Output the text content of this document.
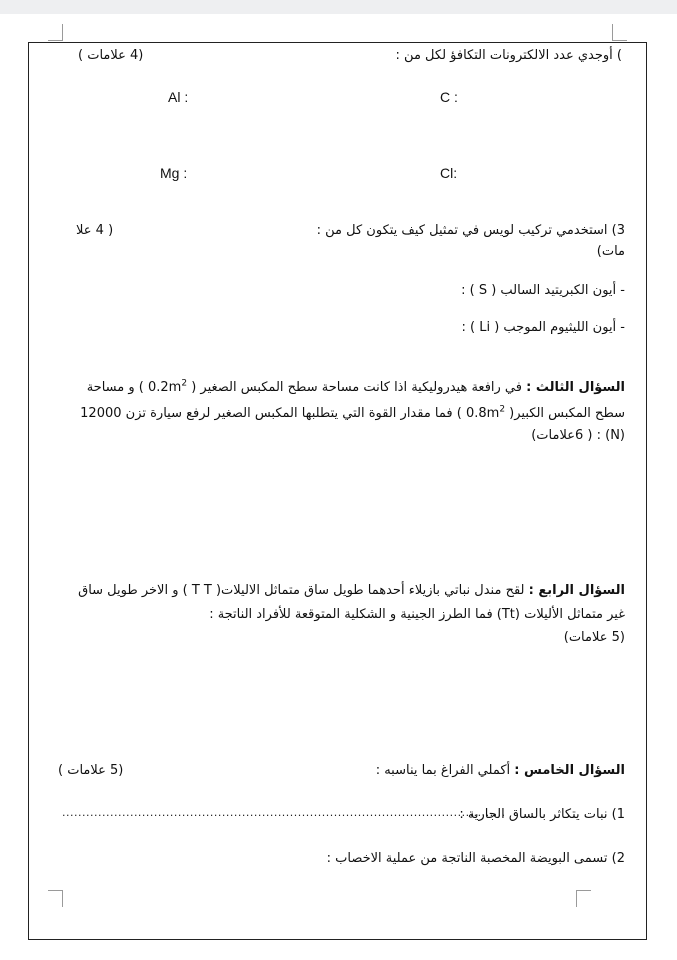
) أوجدي عدد الالكترونات التكافؤ لكل من :
(4 علامات )
Al :	C :
Mg :	Cl:
3) استخدمي تركيب لويس في تمثيل كيف يتكون كل من :
( 4 علا
مات)
- أيون الكبريتيد السالب ( S ) :
- أيون الليثيوم الموجب ( Li ) :
السؤال الثالث : في رافعة هيدروليكية اذا كانت مساحة سطح المكبس الصغير ( $0.2m^2$ ) و مساحة
سطح المكبس الكبير( $0.8m^2$ ) فما مقدار القوة التي يتطلبها المكبس الصغير لرفع سيارة تزن 12000
(N) : ( 6علامات)
السؤال الرابع : لقح مندل نباتي بازيلاء أحدهما طويل ساق متماثل الاليلات( T T ) و الاخر طويل ساق
غير متماثل الأليلات (Tt) فما الطرز الجينية و الشكلية المتوقعة للأفراد الناتجة :
(5 علامات)
السؤال الخامس : أكملي الفراغ بما يناسبه :
(5 علامات )
1) نبات يتكاثر بالساق الجارية :
...............................................................................................................
2) تسمى البويضة المخصبة الناتجة من عملية الاخصاب :
